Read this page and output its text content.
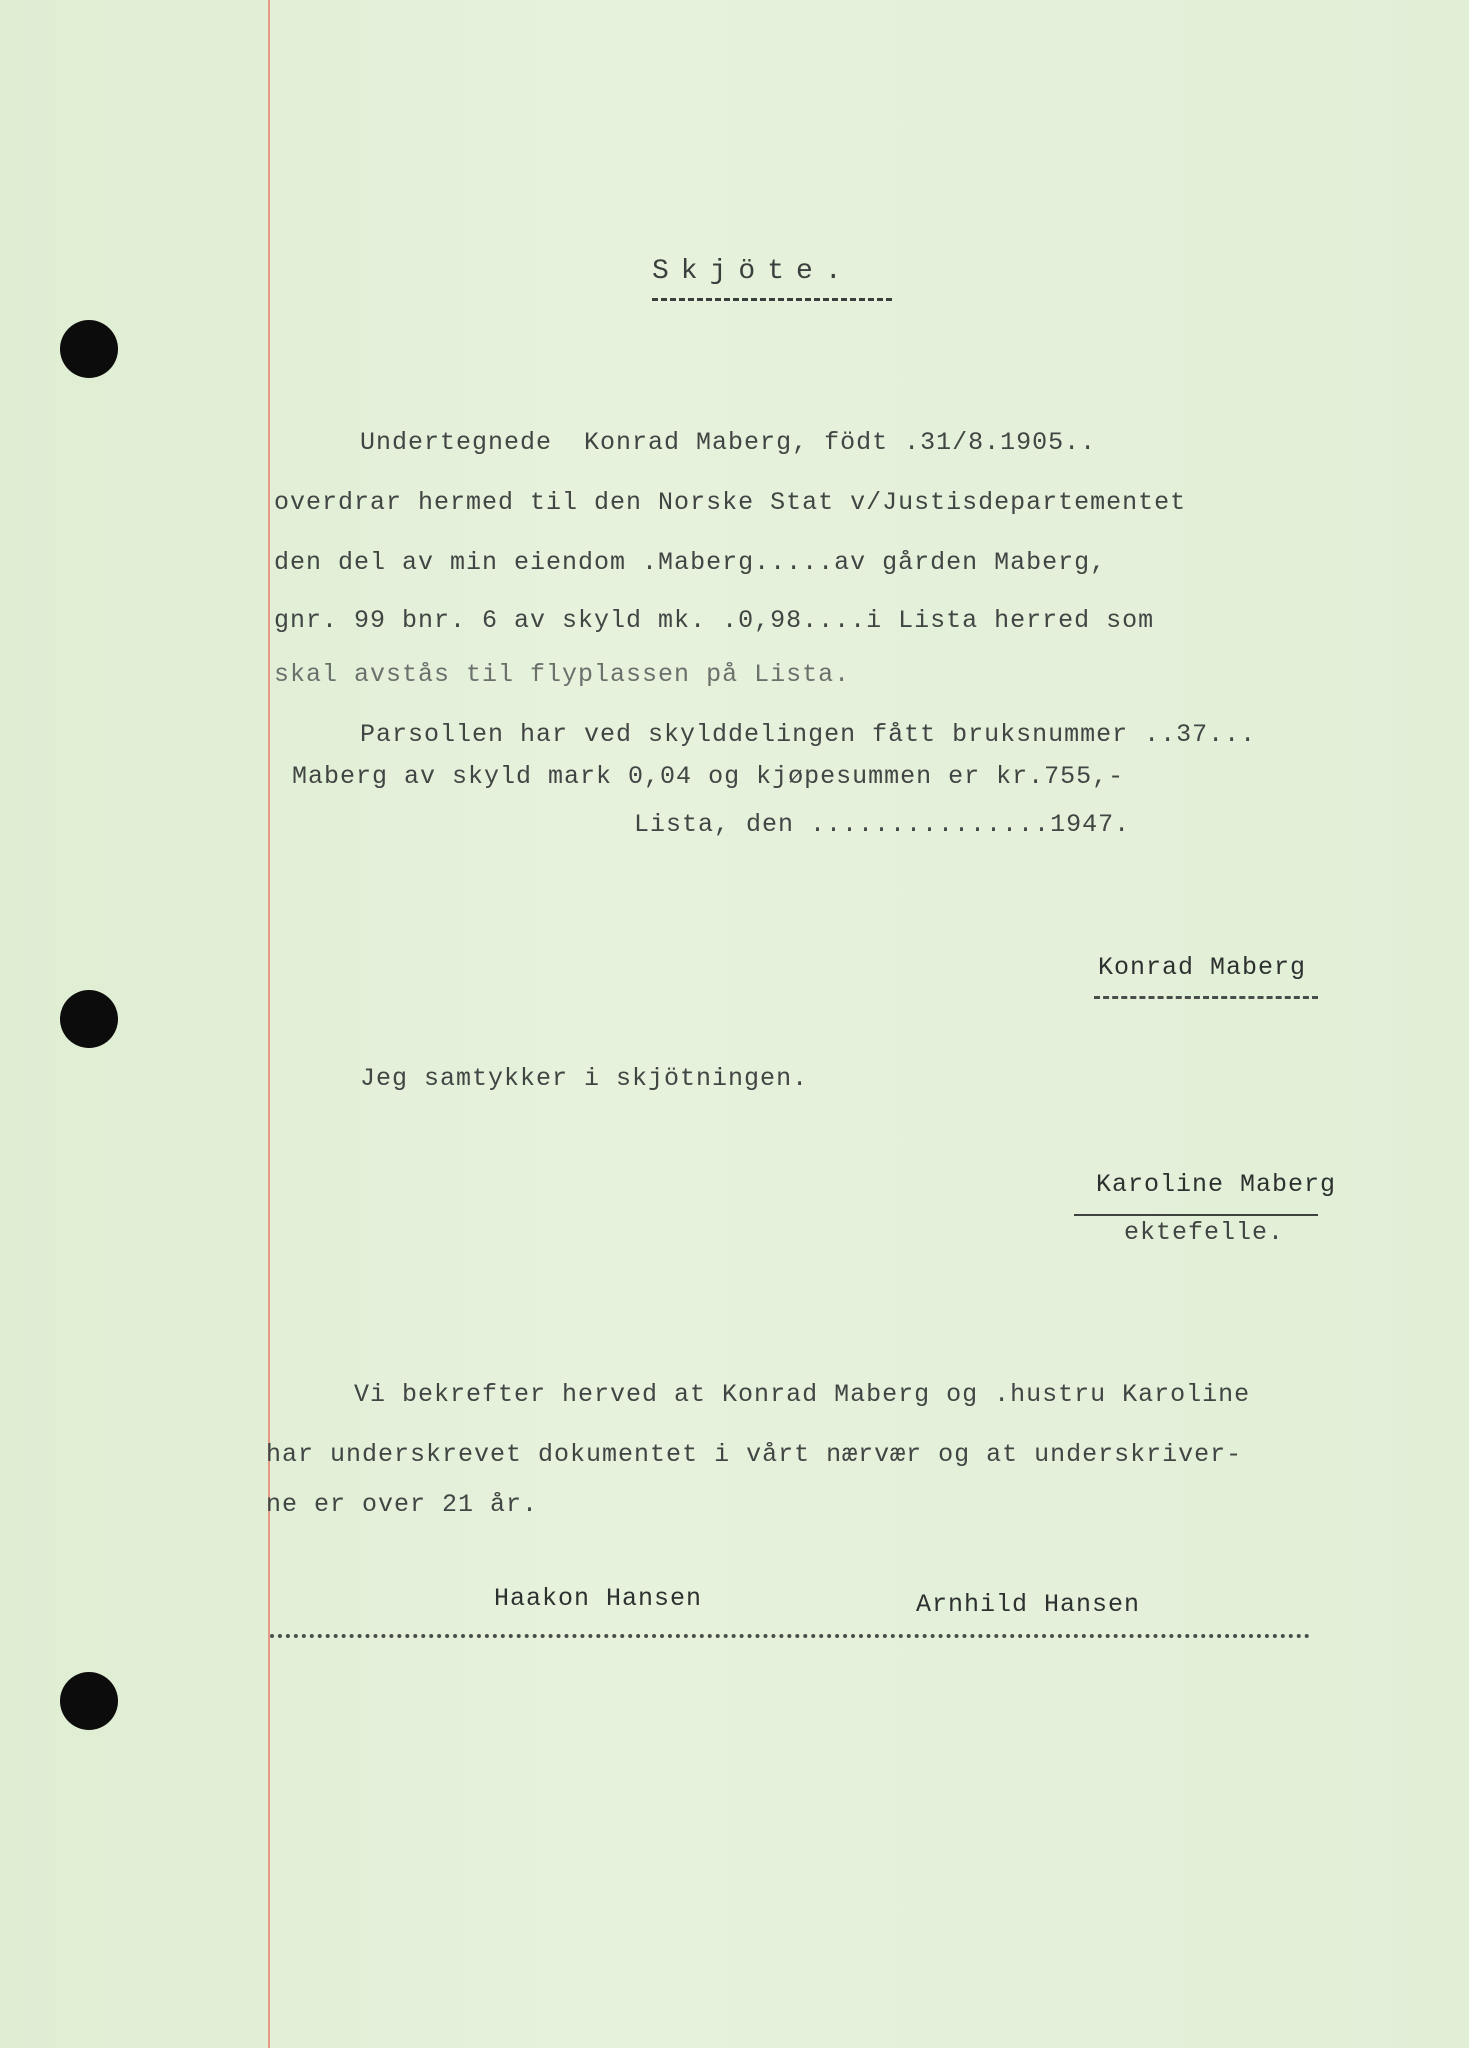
Skjöte.
Undertegnede  Konrad Maberg, födt .31/8.1905..
overdrar hermed til den Norske Stat v/Justisdepartementet
den del av min eiendom .Maberg.....av gården Maberg,
gnr. 99 bnr. 6 av skyld mk. .0,98....i Lista herred som
skal avstås til flyplassen på Lista.
Parsollen har ved skylddelingen fått bruksnummer ..37...
Maberg av skyld mark 0,04 og kjøpesummen er kr.755,-
Lista, den ...............1947.
Konrad Maberg
Jeg samtykker i skjötningen.
Karoline Maberg
ektefelle.
Vi bekrefter herved at Konrad Maberg og .hustru Karoline
har underskrevet dokumentet i vårt nærvær og at underskriver-
ne er over 21 år.
Haakon Hansen	Arnhild Hansen
